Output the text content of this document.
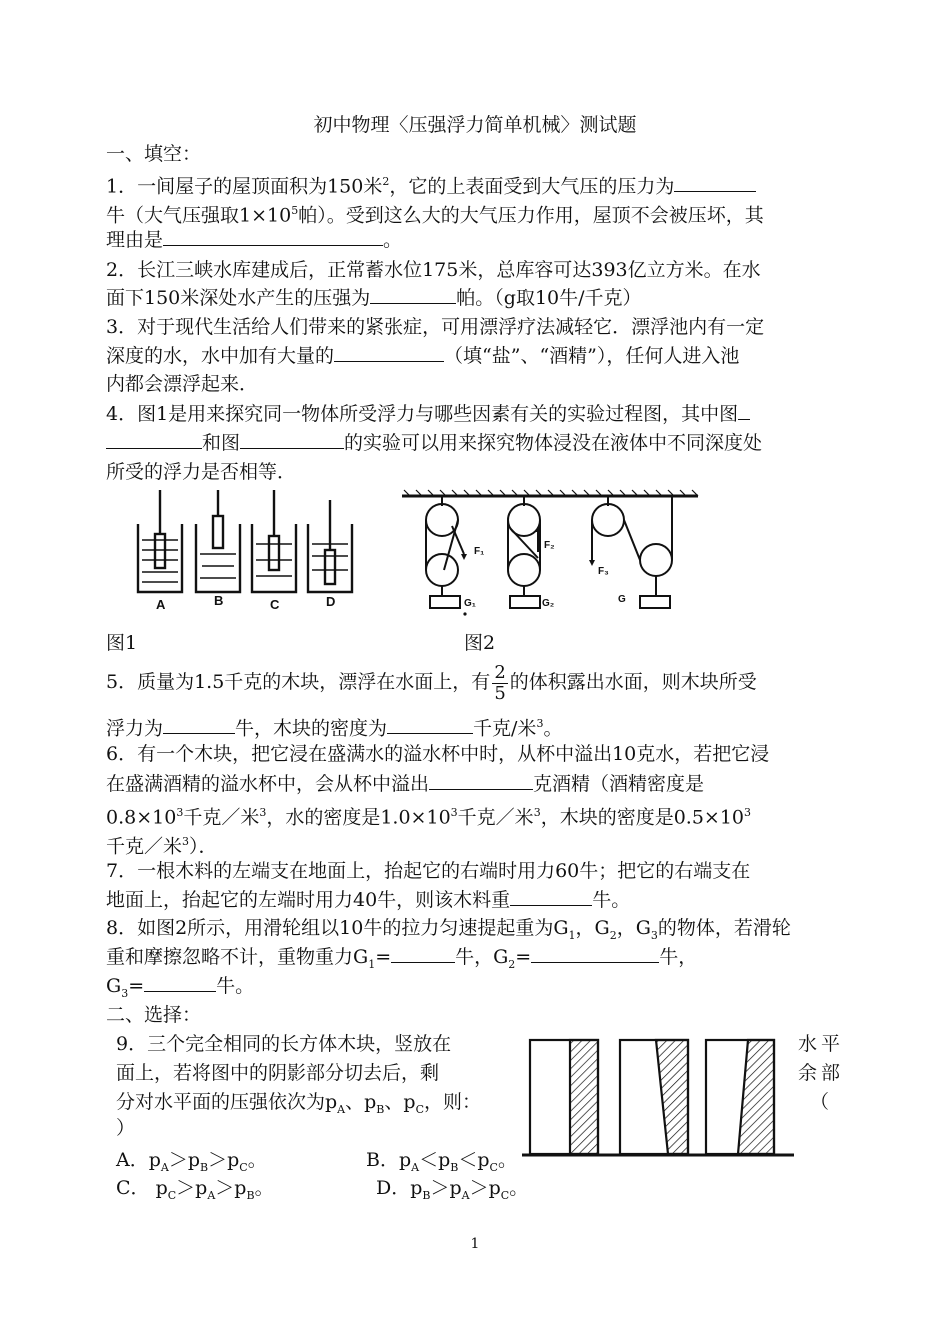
初中物理〈压强浮力简单机械〉测试题
一、填空：
1．一间屋子的屋顶面积为150米$^2$，它的上表面受到大气压的压力为
牛（大气压强取$1\times 10^5$帕）。受到这么大的大气压力作用，屋顶不会被压坏，其
理由是	。
2．长江三峡水库建成后，正常蓄水位175米，总库容可达393亿立方米。在水
面下150米深处水产生的压强为	帕。（g取10牛/千克）
3．对于现代生活给人们带来的紧张症，可用漂浮疗法减轻它．漂浮池内有一定
深度的水，水中加有大量的	（填“盐”、“酒精”），任何人进入池
内都会漂浮起来．
4．图1是用来探究同一物体所受浮力与哪些因素有关的实验过程图，其中图
和图	的实验可以用来探究物体浸没在液体中不同深度处
所受的浮力是否相等．
A	B	C	D
F₁
F₂
F₃
G₁	G₂	G
图1	图2
5．质量为1.5千克的木块，漂浮在水面上，有 $\frac{2}{5}$ 的体积露出水面，则木块所受
浮力为	牛，木块的密度为	千克/米$^3$。
6．有一个木块，把它浸在盛满水的溢水杯中时，从杯中溢出10克水，若把它浸
在盛满酒精的溢水杯中，会从杯中溢出	克酒精（酒精密度是
$0.8\times 10^3$千克／米$^3$，水的密度是$1.0\times 10^3$千克／米$^3$，木块的密度是$0.5\times 10^3$
千克／米$^3$）．
7．一根木料的左端支在地面上，抬起它的右端时用力60牛；把它的右端支在
地面上，抬起它的左端时用力40牛，则该木料重	牛。
8．如图2所示，用滑轮组以10牛的拉力匀速提起重为$G_1$，$G_2$，$G_3$的物体，若滑轮
重和摩擦忽略不计，重物重力$G_1=$	牛，$G_2=$	牛，
$G_3=$	牛。
二、选择：
9．三个完全相同的长方体木块，竖放在	水平
面上，若将图中的阴影部分切去后，剩	余部
分对水平面的压强依次为$p_A$、$p_B$、$p_C$，则：	（
）
A．$p_A>p_B>p_C$。	B．$p_A<p_B<p_C$。
C． $p_C>p_A>p_B$。	D．$p_B>p_A>p_C$。
1
